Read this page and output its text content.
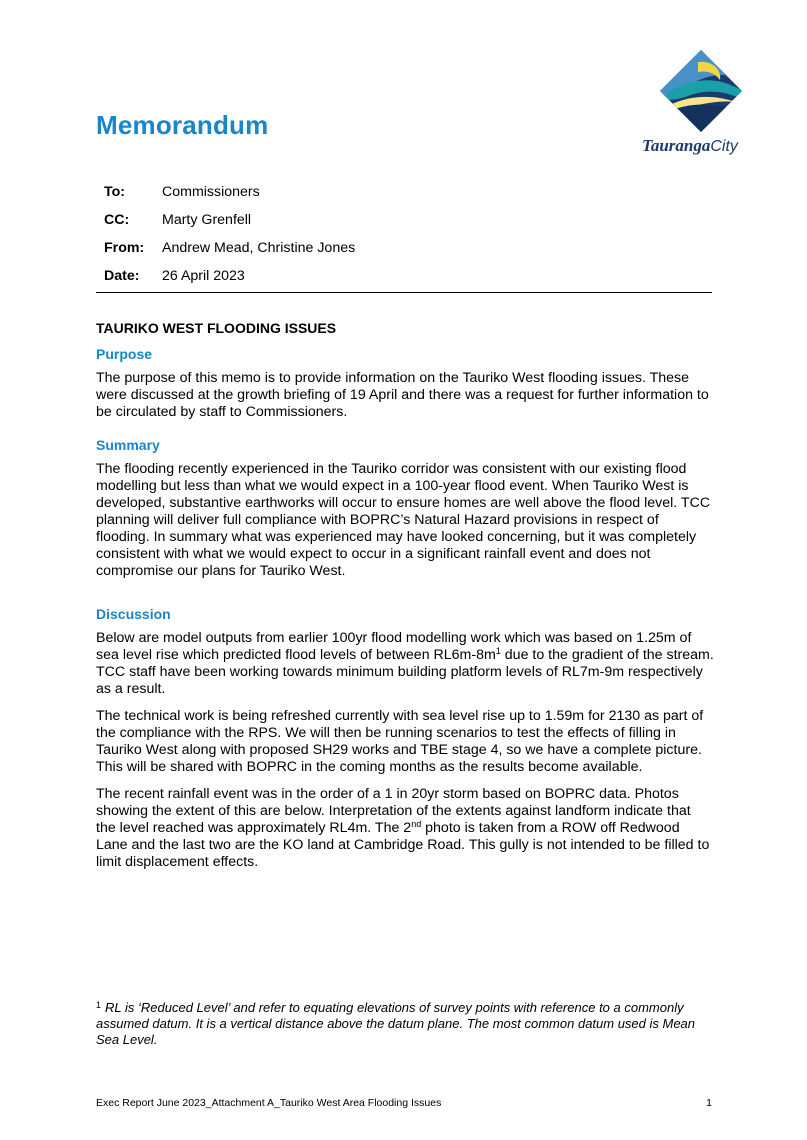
Memorandum
TaurangaCity
To:	Commissioners
CC:	Marty Grenfell
From:	Andrew Mead, Christine Jones
Date:	26 April 2023
TAURIKO WEST FLOODING ISSUES
Purpose

The purpose of this memo is to provide information on the Tauriko West flooding issues. These were discussed at the growth briefing of 19 April and there was a request for further information to be circulated by staff to Commissioners.

Summary

The flooding recently experienced in the Tauriko corridor was consistent with our existing flood modelling but less than what we would expect in a 100-year flood event. When Tauriko West is developed, substantive earthworks will occur to ensure homes are well above the flood level. TCC planning will deliver full compliance with BOPRC’s Natural Hazard provisions in respect of flooding. In summary what was experienced may have looked concerning, but it was completely consistent with what we would expect to occur in a significant rainfall event and does not compromise our plans for Tauriko West.

Discussion

Below are model outputs from earlier 100yr flood modelling work which was based on 1.25m of sea level rise which predicted flood levels of between $RL6m-8m^1$ due to the gradient of the stream. TCC staff have been working towards minimum building platform levels of RL7m-9m respectively as a result.

The technical work is being refreshed currently with sea level rise up to 1.59m for 2130 as part of the compliance with the RPS. We will then be running scenarios to test the effects of filling in Tauriko West along with proposed SH29 works and TBE stage 4, so we have a complete picture. This will be shared with BOPRC in the coming months as the results become available.

The recent rainfall event was in the order of a 1 in 20yr storm based on BOPRC data. Photos showing the extent of this are below. Interpretation of the extents against landform indicate that the level reached was approximately RL4m. The 2nd photo is taken from a ROW off Redwood Lane and the last two are the KO land at Cambridge Road. This gully is not intended to be filled to limit displacement effects.

$^1$ RL is ‘Reduced Level’ and refer to equating elevations of survey points with reference to a commonly assumed datum. It is a vertical distance above the datum plane. The most common datum used is Mean Sea Level.
Exec Report June 2023_Attachment A_Tauriko West Area Flooding Issues	1
